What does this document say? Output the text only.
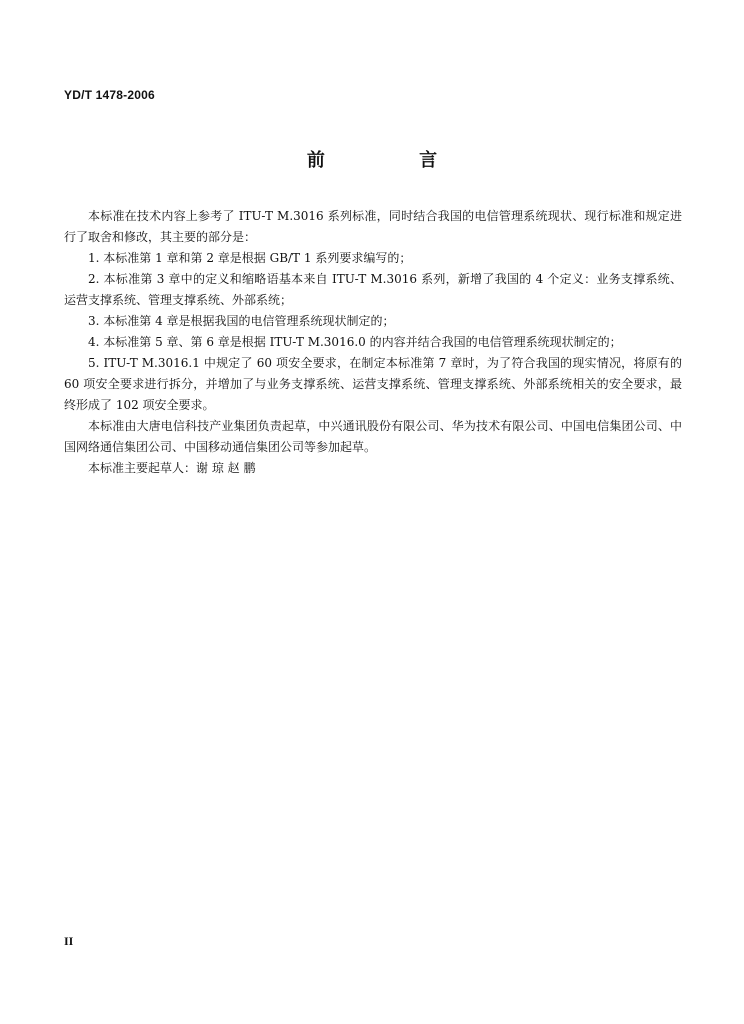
YD/T 1478-2006
前 言

本标准在技术内容上参考了 ITU-T M.3016 系列标准，同时结合我国的电信管理系统现状、现行标准和规定进行了取舍和修改，其主要的部分是：

1. 本标准第 1 章和第 2 章是根据 GB/T 1 系列要求编写的；

2. 本标准第 3 章中的定义和缩略语基本来自 ITU-T M.3016 系列，新增了我国的 4 个定义：业务支撑系统、运营支撑系统、管理支撑系统、外部系统；

3. 本标准第 4 章是根据我国的电信管理系统现状制定的；

4. 本标准第 5 章、第 6 章是根据 ITU-T M.3016.0 的内容并结合我国的电信管理系统现状制定的；

5. ITU-T M.3016.1 中规定了 60 项安全要求，在制定本标准第 7 章时，为了符合我国的现实情况，将原有的 60 项安全要求进行拆分，并增加了与业务支撑系统、运营支撑系统、管理支撑系统、外部系统相关的安全要求，最终形成了 102 项安全要求。

本标准由大唐电信科技产业集团负责起草，中兴通讯股份有限公司、华为技术有限公司、中国电信集团公司、中国网络通信集团公司、中国移动通信集团公司等参加起草。

本标准主要起草人：谢 琼 赵 鹏

II
